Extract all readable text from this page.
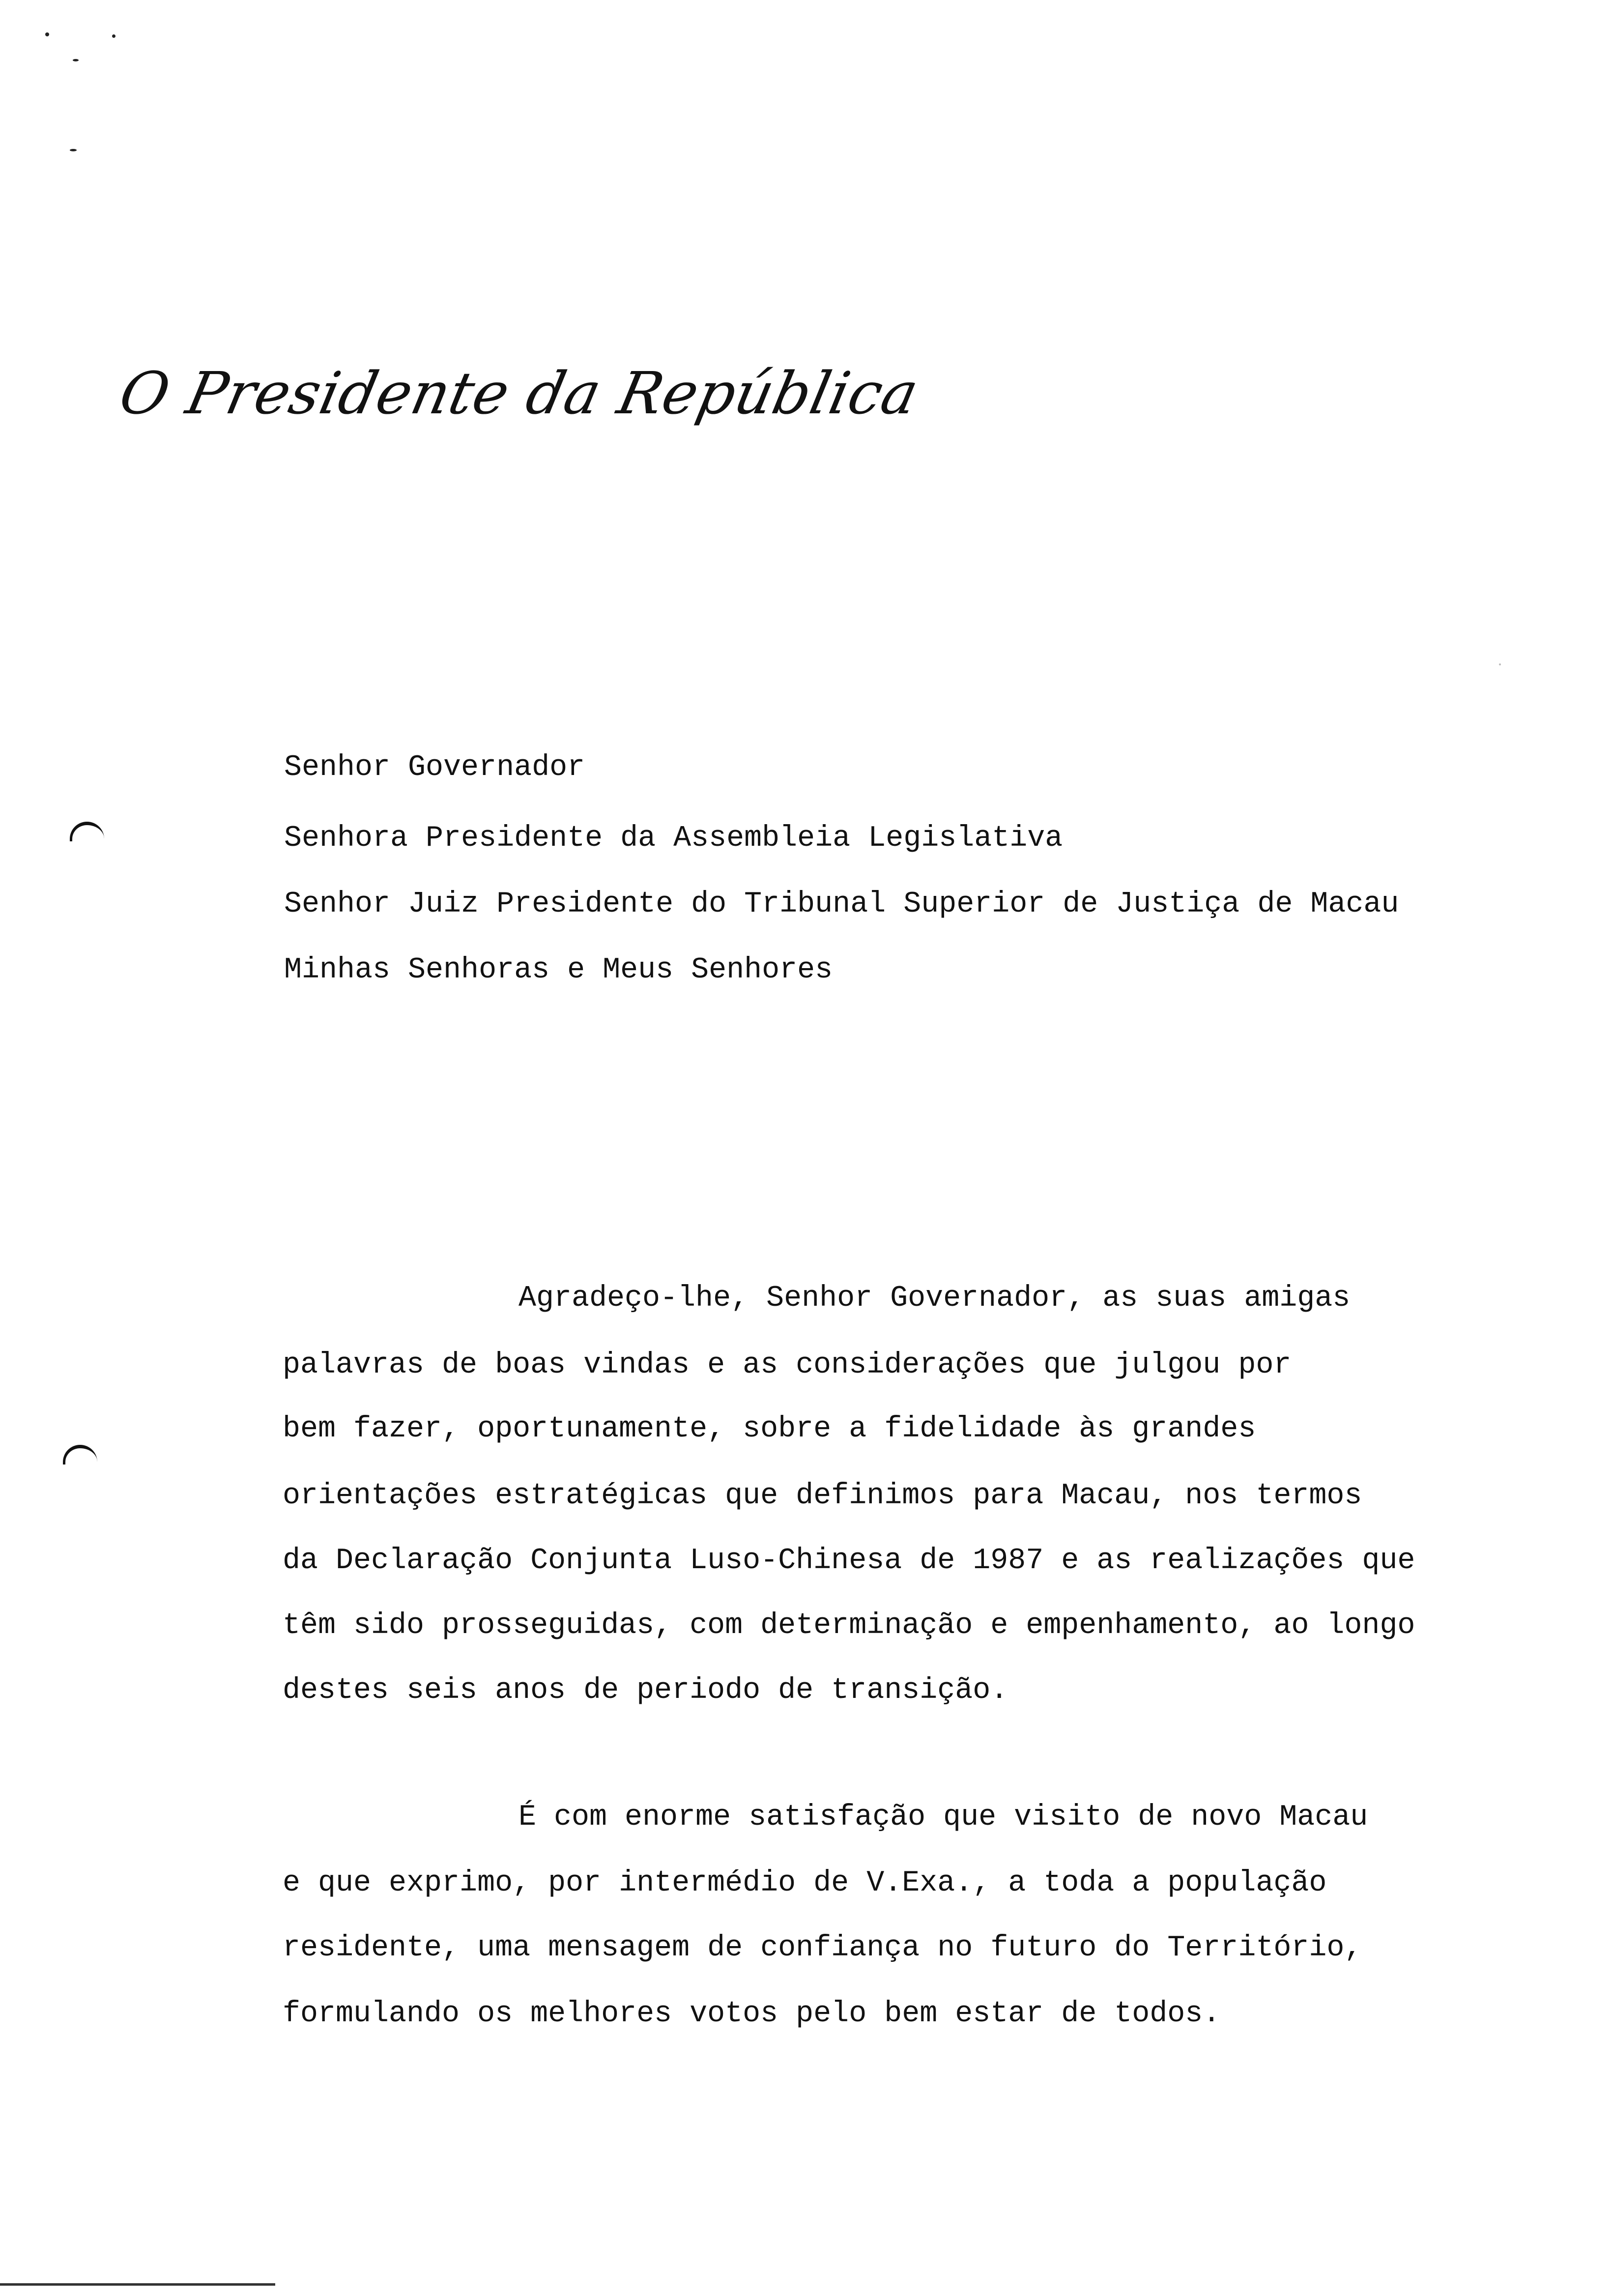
O Presidente da República
Senhor Governador
Senhora Presidente da Assembleia Legislativa
Senhor Juiz Presidente do Tribunal Superior de Justiça de Macau
Minhas Senhoras e Meus Senhores
Agradeço-lhe, Senhor Governador, as suas amigas
palavras de boas vindas e as considerações que julgou por
bem fazer, oportunamente, sobre a fidelidade às grandes
orientações estratégicas que definimos para Macau, nos termos
da Declaração Conjunta Luso-Chinesa de 1987 e as realizações que
têm sido prosseguidas, com determinação e empenhamento, ao longo
destes seis anos de periodo de transição.
É com enorme satisfação que visito de novo Macau
e que exprimo, por intermédio de V.Exa., a toda a população
residente, uma mensagem de confiança no futuro do Território,
formulando os melhores votos pelo bem estar de todos.
